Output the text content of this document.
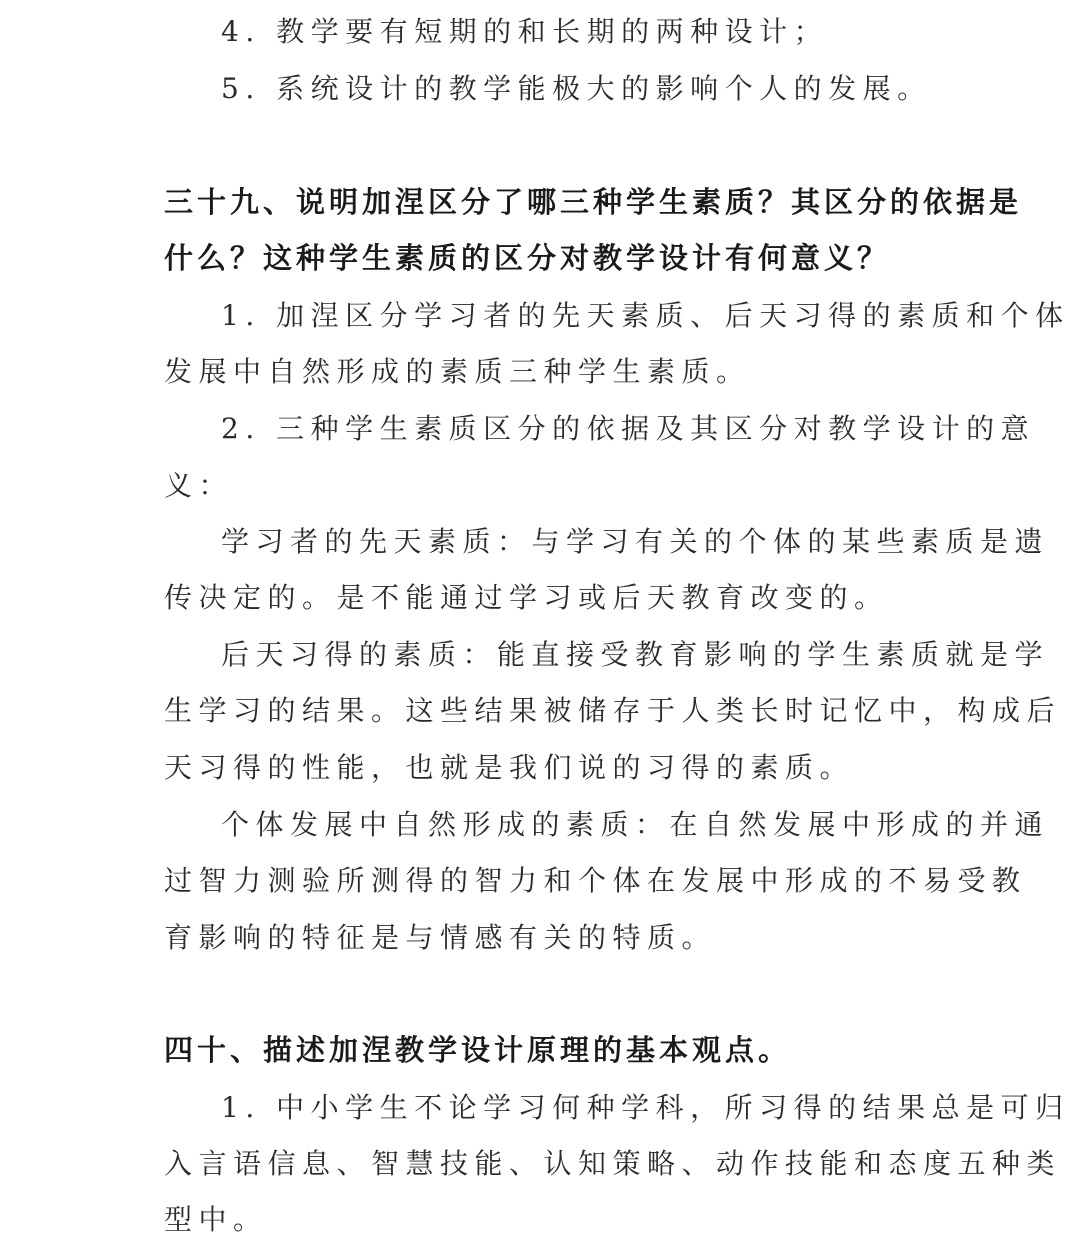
4. 教学要有短期的和长期的两种设计；
5. 系统设计的教学能极大的影响个人的发展。
三十九、说明加涅区分了哪三种学生素质？其区分的依据是
什么？这种学生素质的区分对教学设计有何意义？
1. 加涅区分学习者的先天素质、后天习得的素质和个体
发展中自然形成的素质三种学生素质。
2. 三种学生素质区分的依据及其区分对教学设计的意
义：
学习者的先天素质：与学习有关的个体的某些素质是遗
传决定的。是不能通过学习或后天教育改变的。
后天习得的素质：能直接受教育影响的学生素质就是学
生学习的结果。这些结果被储存于人类长时记忆中，构成后
天习得的性能，也就是我们说的习得的素质。
个体发展中自然形成的素质：在自然发展中形成的并通
过智力测验所测得的智力和个体在发展中形成的不易受教
育影响的特征是与情感有关的特质。
四十、描述加涅教学设计原理的基本观点。
1. 中小学生不论学习何种学科，所习得的结果总是可归
入言语信息、智慧技能、认知策略、动作技能和态度五种类
型中。
